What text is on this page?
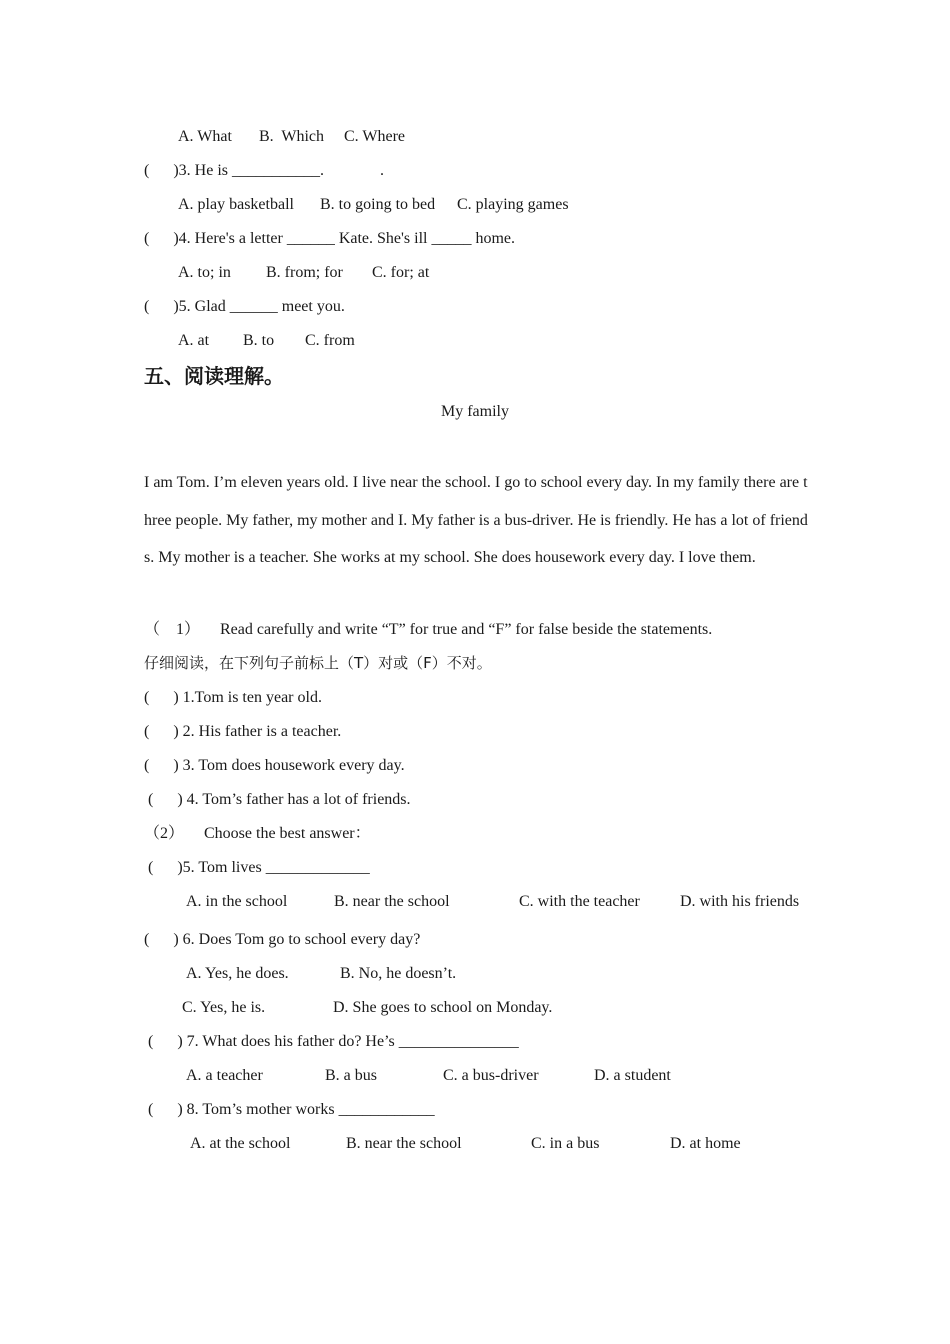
A. What B.  Which C. Where
(      )3. He is ___________.              .
A. play basketball B. to going to bed C. playing games
(      )4. Here's a letter ______ Kate. She's ill _____ home.
A. to; in B. from; for C. for; at
(      )5. Glad ______ meet you.
A. at B. to C. from
五、阅读理解。
My family
I am Tom. I’m eleven years old. I live near the school. I go to school every day. In my family there are three people. My father, my mother and I. My father is a bus-driver. He is friendly. He has a lot of friends. My mother is a teacher. She works at my school. She does housework every day. I love them.
（    1）     Read carefully and write “T” for true and “F” for false beside the statements.
仔细阅读，在下列句子前标上（T）对或（F）不对。
(      ) 1.Tom is ten year old.
(      ) 2. His father is a teacher.
(      ) 3. Tom does housework every day.
(      ) 4. Tom’s father has a lot of friends.
（2）     Choose the best answer：
(      )5. Tom lives _____________
A. in the school	B. near the school	C. with the teacher	D. with his friends
(      ) 6. Does Tom go to school every day?
A. Yes, he does.	B. No, he doesn’t.
C. Yes, he is.	D. She goes to school on Monday.
(      ) 7. What does his father do? He’s _______________
A. a teacher	B. a bus	C. a bus-driver	D. a student
(      ) 8. Tom’s mother works ____________
A. at the school	B. near the school	C. in a bus	D. at home
